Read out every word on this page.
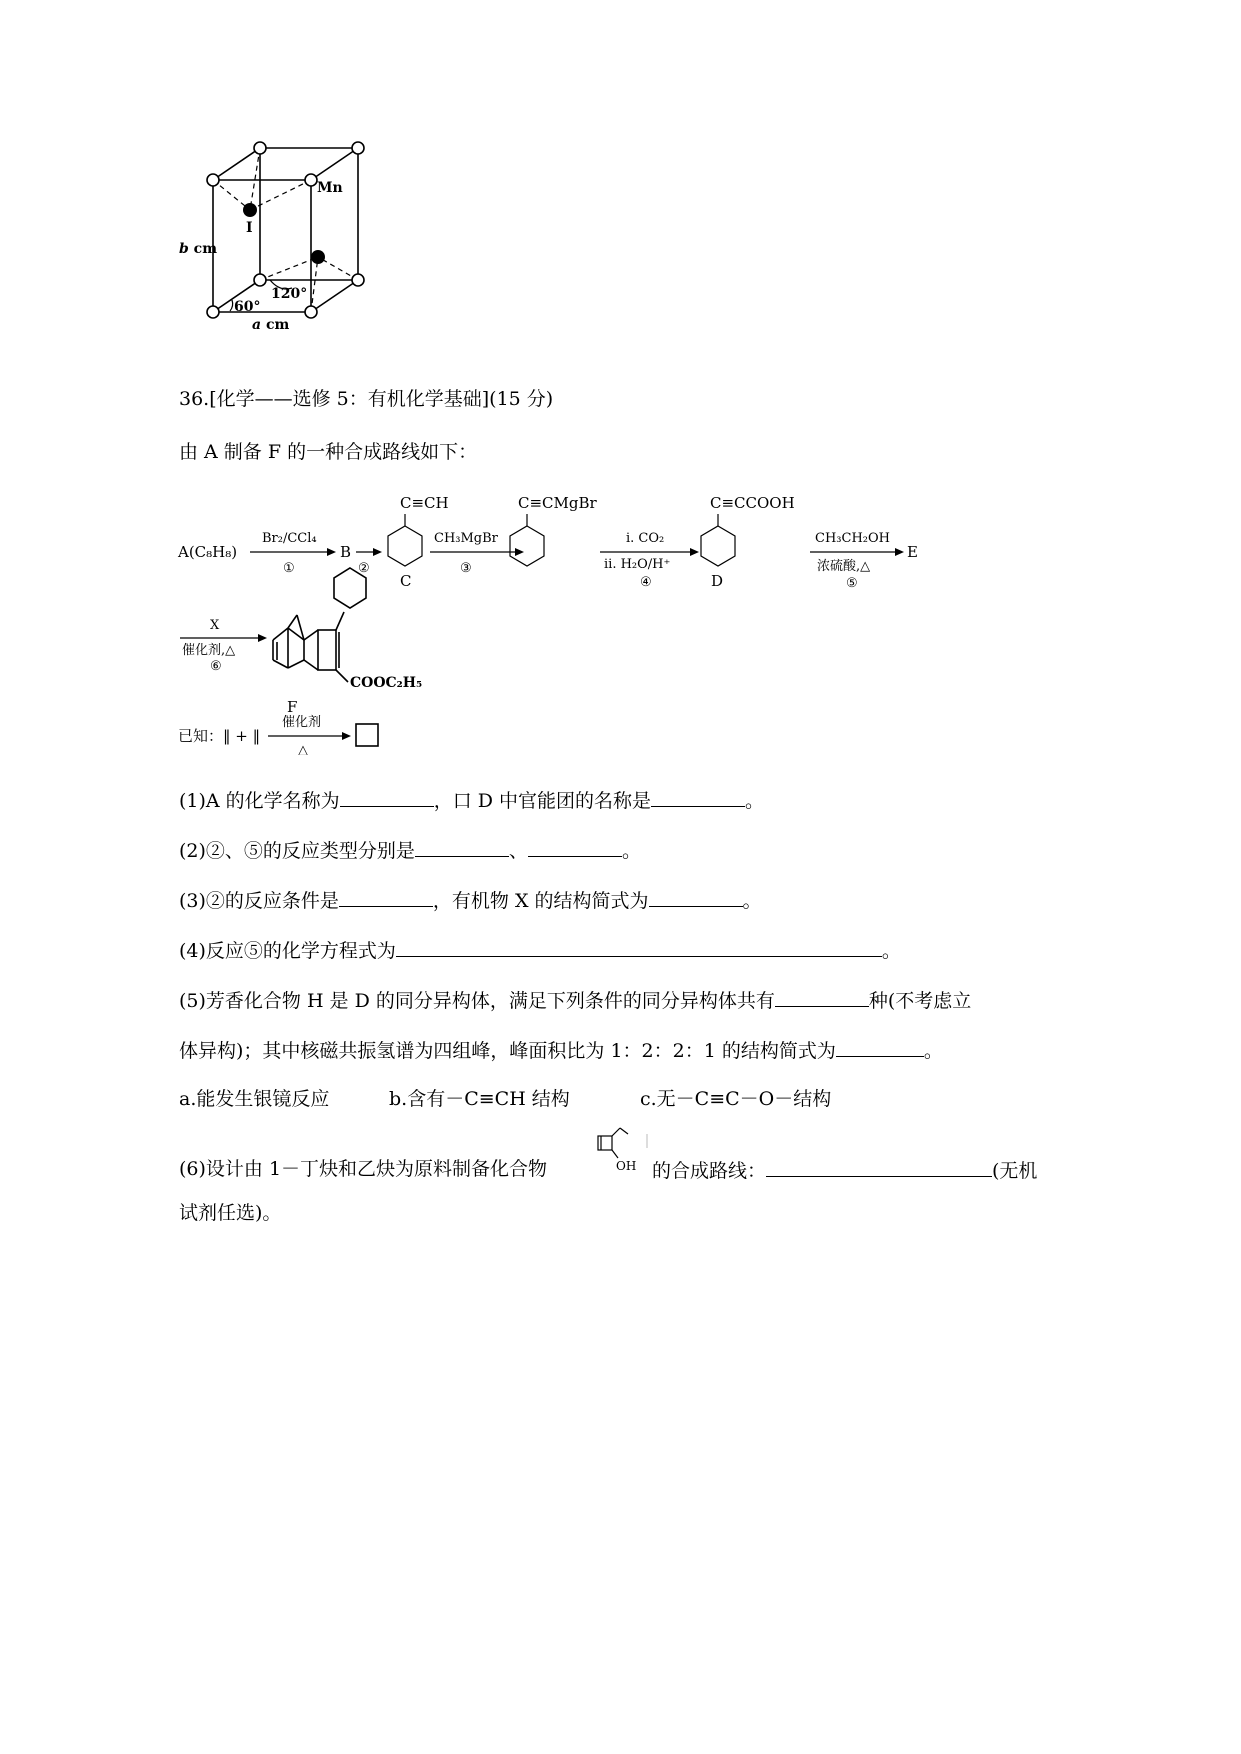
Mn
I
b cm
120°
60°
a cm
36.[化学——选修 5：有机化学基础](15 分)
由 A 制备 F 的一种合成路线如下：
A(C₈H₈)
Br₂/CCl₄
①
B
②
C≡CH
C
CH₃MgBr
③
C≡CMgBr
ⅰ. CO₂
ⅱ. H₂O/H⁺
④
C≡CCOOH
D
CH₃CH₂OH
浓硫酸,△
⑤
E
X
催化剂,△
⑥
COOC₂H₅
F
已知：‖ + ‖
催化剂
△
(1)A 的化学名称为	，口 D 中官能团的名称是	。
(2)②、⑤的反应类型分别是	、	。
(3)②的反应条件是	，有机物 X 的结构简式为	。
(4)反应⑤的化学方程式为	。
(5)芳香化合物 H 是 D 的同分异构体，满足下列条件的同分异构体共有	种(不考虑立
体异构)；其中核磁共振氢谱为四组峰，峰面积比为 1：2：2：1 的结构简式为	。
a.能发生银镜反应	b.含有－C≡CH 结构	c.无－C≡C－O－结构
(6)设计由 1－丁炔和乙炔为原料制备化合物	OH 的合成路线：	(无机
试剂任选)。
